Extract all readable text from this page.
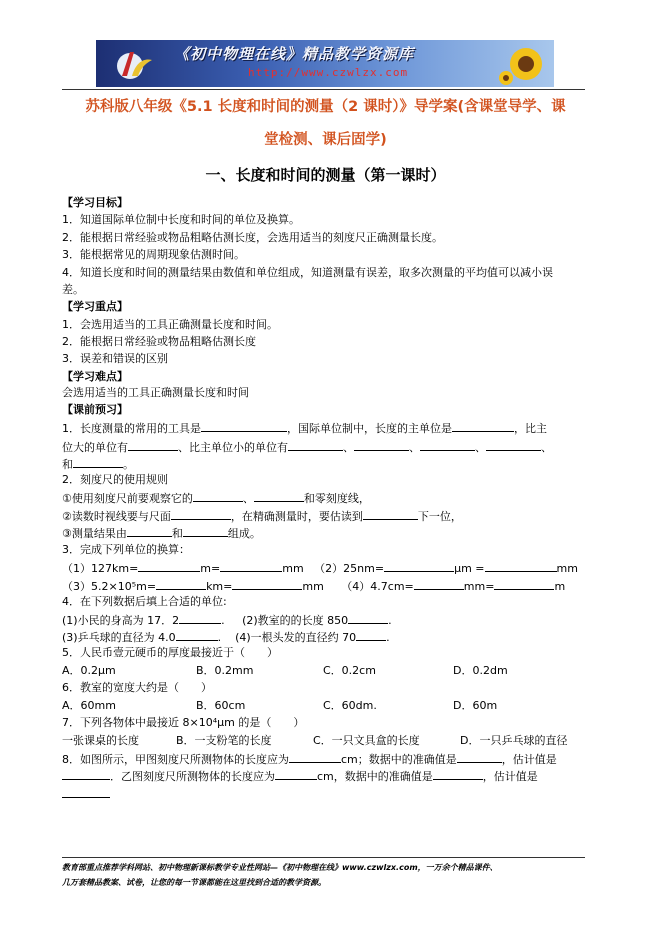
《初中物理在线》精品教学资源库
http://www.czwlzx.com
苏科版八年级《5.1 长度和时间的测量（2 课时）》导学案(含课堂导学、课
堂检测、课后固学)
一、长度和时间的测量（第一课时）
【学习目标】
1．知道国际单位制中长度和时间的单位及换算。
2．能根据日常经验或物品粗略估测长度，会选用适当的刻度尺正确测量长度。
3．能根据常见的周期现象估测时间。
4．知道长度和时间的测量结果由数值和单位组成，知道测量有误差，取多次测量的平均值可以减小误
差。
【学习重点】
1．会选用适当的工具正确测量长度和时间。
2．能根据日常经验或物品粗略估测长度
3．误差和错误的区别
【学习难点】
会选用适当的工具正确测量长度和时间
【课前预习】
1．长度测量的常用的工具是	，国际单位制中，长度的主单位是	，比主
位大的单位有	、比主单位小的单位有	、	、	、	、
和	。
2．刻度尺的使用规则
①使用刻度尺前要观察它的	、	和零刻度线，
②读数时视线要与尺面	，在精确测量时，要估读到	下一位，
③测量结果由	和	组成。
3．完成下列单位的换算：
（1）127km=	m=	mm （2）25nm=	μm =	mm
（3）5.2×10⁵m=	km=	mm （4）4.7cm=	mm=	m
4．在下列数据后填上合适的单位:
(1)小民的身高为 17．2	. (2)教室的的长度 850	.
(3)乒乓球的直径为 4.0	. (4)一根头发的直径约 70	.
5．人民币壹元硬币的厚度最接近于（　　）
A．0.2μm	B．0.2mm	C．0.2cm	D．0.2dm
6．教室的宽度大约是（　　）
A．60mm	B．60cm	C．60dm.	D．60m
7．下列各物体中最接近 8×10⁴μm 的是（　　）
一张课桌的长度	B．一支粉笔的长度	C．一只文具盒的长度	D．一只乒乓球的直径
8．如图所示，甲图刻度尺所测物体的长度应为	cm；数据中的准确值是	，估计值是
．乙图刻度尺所测物体的长度应为	cm，数据中的准确值是	，估计值是
教育部重点推荐学科网站、初中物理新课标教学专业性网站—《初中物理在线》www.czwlzx.com，一万余个精品课件、
几万套精品教案、试卷，让您的每一节课都能在这里找到合适的教学资源。
